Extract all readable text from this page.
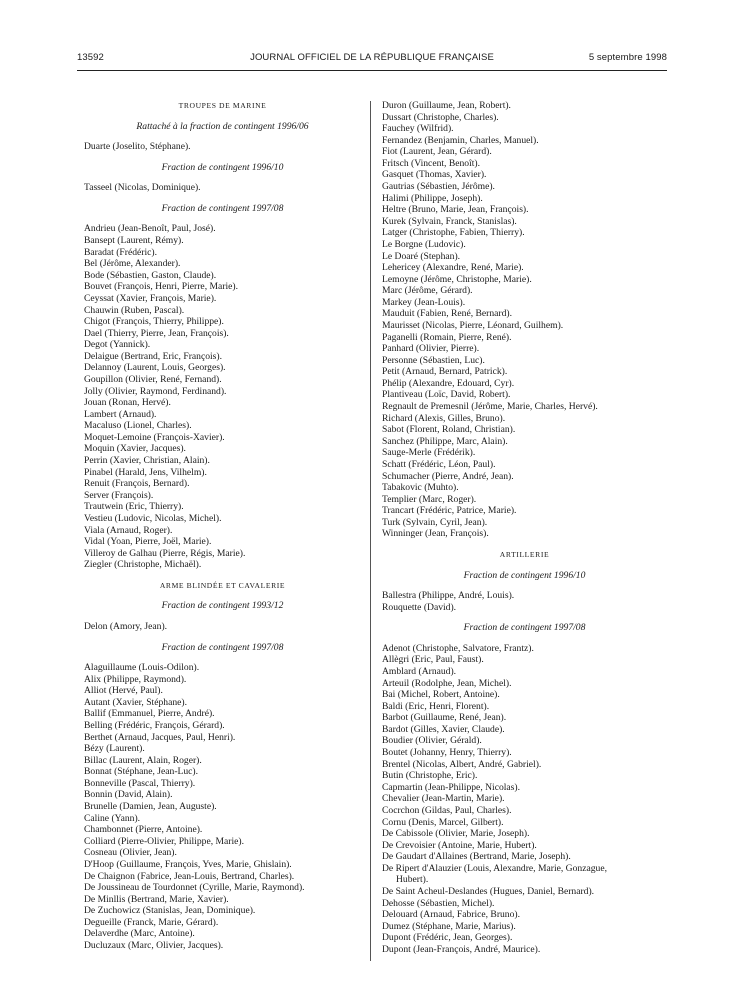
13592	JOURNAL OFFICIEL DE LA RÉPUBLIQUE FRANÇAISE	5 septembre 1998
TROUPES DE MARINE
Rattaché à la fraction de contingent 1996/06
Duarte (Joselito, Stéphane).
Fraction de contingent 1996/10
Tasseel (Nicolas, Dominique).
Fraction de contingent 1997/08
Andrieu (Jean-Benoît, Paul, José).
Bansept (Laurent, Rémy).
Baradat (Frédéric).
Bel (Jérôme, Alexander).
Bode (Sébastien, Gaston, Claude).
Bouvet (François, Henri, Pierre, Marie).
Ceyssat (Xavier, François, Marie).
Chauwin (Ruben, Pascal).
Chigot (François, Thierry, Philippe).
Dael (Thierry, Pierre, Jean, François).
Degot (Yannick).
Delaigue (Bertrand, Eric, François).
Delannoy (Laurent, Louis, Georges).
Goupillon (Olivier, René, Fernand).
Jolly (Olivier, Raymond, Ferdinand).
Jouan (Ronan, Hervé).
Lambert (Arnaud).
Macaluso (Lionel, Charles).
Moquet-Lemoine (François-Xavier).
Moquin (Xavier, Jacques).
Perrin (Xavier, Christian, Alain).
Pinabel (Harald, Jens, Vilhelm).
Renuit (François, Bernard).
Server (François).
Trautwein (Eric, Thierry).
Vestieu (Ludovic, Nicolas, Michel).
Viala (Arnaud, Roger).
Vidal (Yoan, Pierre, Joël, Marie).
Villeroy de Galhau (Pierre, Régis, Marie).
Ziegler (Christophe, Michaël).
ARME BLINDÉE ET CAVALERIE
Fraction de contingent 1993/12
Delon (Amory, Jean).
Fraction de contingent 1997/08
Alaguillaume (Louis-Odilon).
Alix (Philippe, Raymond).
Alliot (Hervé, Paul).
Autant (Xavier, Stéphane).
Ballif (Emmanuel, Pierre, André).
Belling (Frédéric, François, Gérard).
Berthet (Arnaud, Jacques, Paul, Henri).
Bézy (Laurent).
Billac (Laurent, Alain, Roger).
Bonnat (Stéphane, Jean-Luc).
Bonneville (Pascal, Thierry).
Bonnin (David, Alain).
Brunelle (Damien, Jean, Auguste).
Caline (Yann).
Chambonnet (Pierre, Antoine).
Colliard (Pierre-Olivier, Philippe, Marie).
Cosneau (Olivier, Jean).
D'Hoop (Guillaume, François, Yves, Marie, Ghislain).
De Chaignon (Fabrice, Jean-Louis, Bertrand, Charles).
De Joussineau de Tourdonnet (Cyrille, Marie, Raymond).
De Minllis (Bertrand, Marie, Xavier).
De Zuchowicz (Stanislas, Jean, Dominique).
Degueille (Franck, Marie, Gérard).
Delaverdhe (Marc, Antoine).
Ducluzaux (Marc, Olivier, Jacques).
Duron (Guillaume, Jean, Robert).
Dussart (Christophe, Charles).
Fauchey (Wilfrid).
Fernandez (Benjamin, Charles, Manuel).
Fiot (Laurent, Jean, Gérard).
Fritsch (Vincent, Benoît).
Gasquet (Thomas, Xavier).
Gautrias (Sébastien, Jérôme).
Halimi (Philippe, Joseph).
Heltre (Bruno, Marie, Jean, François).
Kurek (Sylvain, Franck, Stanislas).
Latger (Christophe, Fabien, Thierry).
Le Borgne (Ludovic).
Le Doaré (Stephan).
Lehericey (Alexandre, René, Marie).
Lemoyne (Jérôme, Christophe, Marie).
Marc (Jérôme, Gérard).
Markey (Jean-Louis).
Mauduit (Fabien, René, Bernard).
Maurisset (Nicolas, Pierre, Léonard, Guilhem).
Paganelli (Romain, Pierre, René).
Panhard (Olivier, Pierre).
Personne (Sébastien, Luc).
Petit (Arnaud, Bernard, Patrick).
Phélip (Alexandre, Edouard, Cyr).
Plantiveau (Loïc, David, Robert).
Regnault de Premesnil (Jérôme, Marie, Charles, Hervé).
Richard (Alexis, Gilles, Bruno).
Sabot (Florent, Roland, Christian).
Sanchez (Philippe, Marc, Alain).
Sauge-Merle (Frédérik).
Schatt (Frédéric, Léon, Paul).
Schumacher (Pierre, André, Jean).
Tabakovic (Muhto).
Templier (Marc, Roger).
Trancart (Frédéric, Patrice, Marie).
Turk (Sylvain, Cyril, Jean).
Winninger (Jean, François).
ARTILLERIE
Fraction de contingent 1996/10
Ballestra (Philippe, André, Louis).
Rouquette (David).
Fraction de contingent 1997/08
Adenot (Christophe, Salvatore, Frantz).
Allègri (Eric, Paul, Faust).
Amblard (Arnaud).
Arteuil (Rodolphe, Jean, Michel).
Bai (Michel, Robert, Antoine).
Baldi (Eric, Henri, Florent).
Barbot (Guillaume, René, Jean).
Bardot (Gilles, Xavier, Claude).
Boudier (Olivier, Gérald).
Boutet (Johanny, Henry, Thierry).
Brentel (Nicolas, Albert, André, Gabriel).
Butin (Christophe, Eric).
Capmartin (Jean-Philippe, Nicolas).
Chevalier (Jean-Martin, Marie).
Cocrchon (Gildas, Paul, Charles).
Cornu (Denis, Marcel, Gilbert).
De Cabissole (Olivier, Marie, Joseph).
De Crevoisier (Antoine, Marie, Hubert).
De Gaudart d'Allaines (Bertrand, Marie, Joseph).
De Ripert d'Alauzier (Louis, Alexandre, Marie, Gonzague,
Hubert).
De Saint Acheul-Deslandes (Hugues, Daniel, Bernard).
Dehosse (Sébastien, Michel).
Delouard (Arnaud, Fabrice, Bruno).
Dumez (Stéphane, Marie, Marius).
Dupont (Frédéric, Jean, Georges).
Dupont (Jean-François, André, Maurice).
